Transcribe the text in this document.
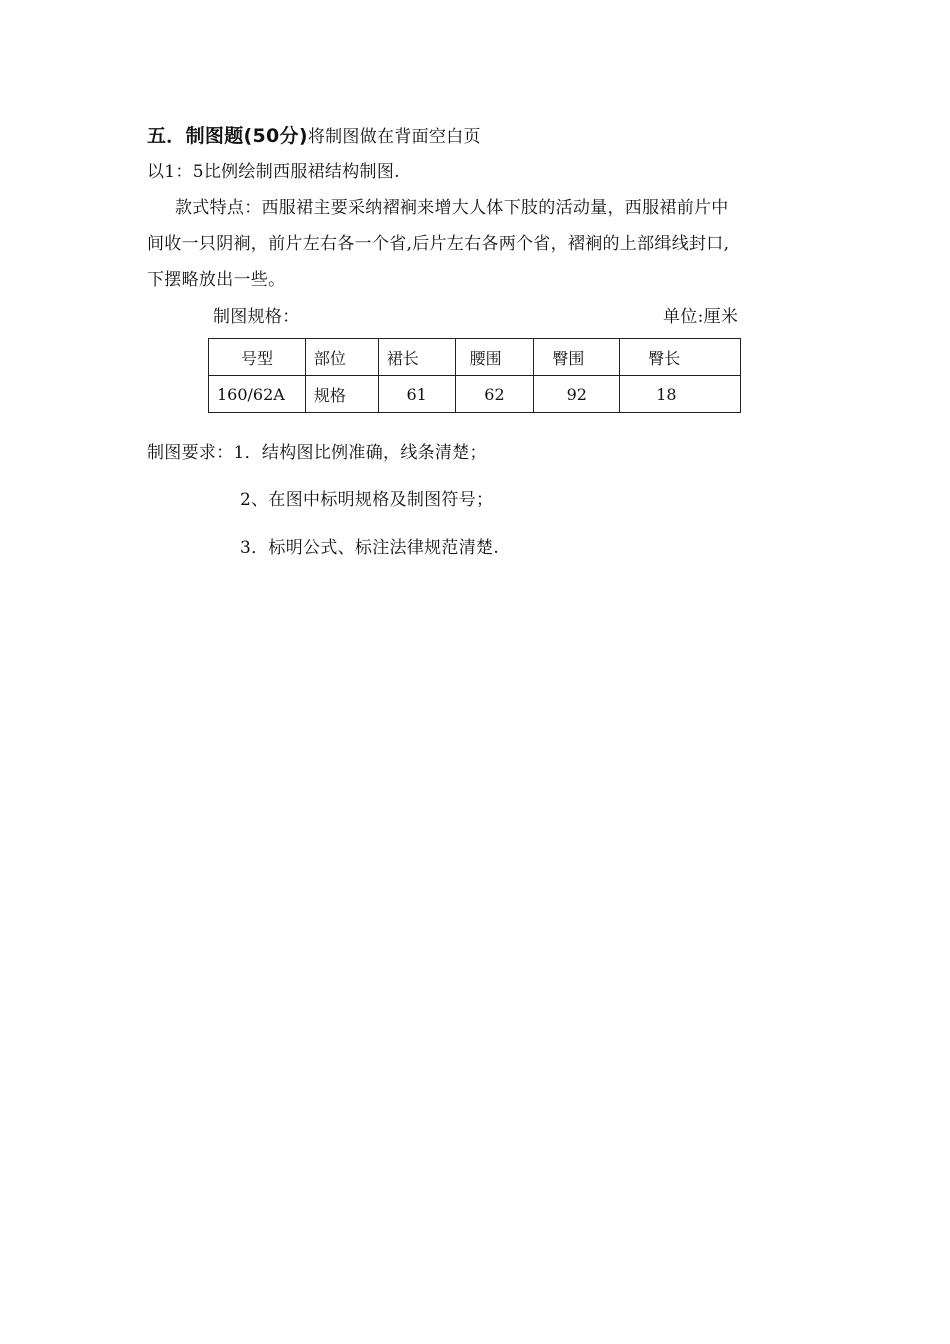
五．制图题(50分)将制图做在背面空白页
以1：5比例绘制西服裙结构制图.
款式特点：西服裙主要采纳褶裥来增大人体下肢的活动量，西服裙前片中
间收一只阴裥，前片左右各一个省,后片左右各两个省，褶裥的上部缉线封口,
下摆略放出一些。
制图规格：	单位:厘米
号型	部位	裙长	腰围	臀围	臀长
160/62A	规格	61	62	92	18
制图要求：1．结构图比例准确，线条清楚；
2、在图中标明规格及制图符号；
3．标明公式、标注法律规范清楚.
